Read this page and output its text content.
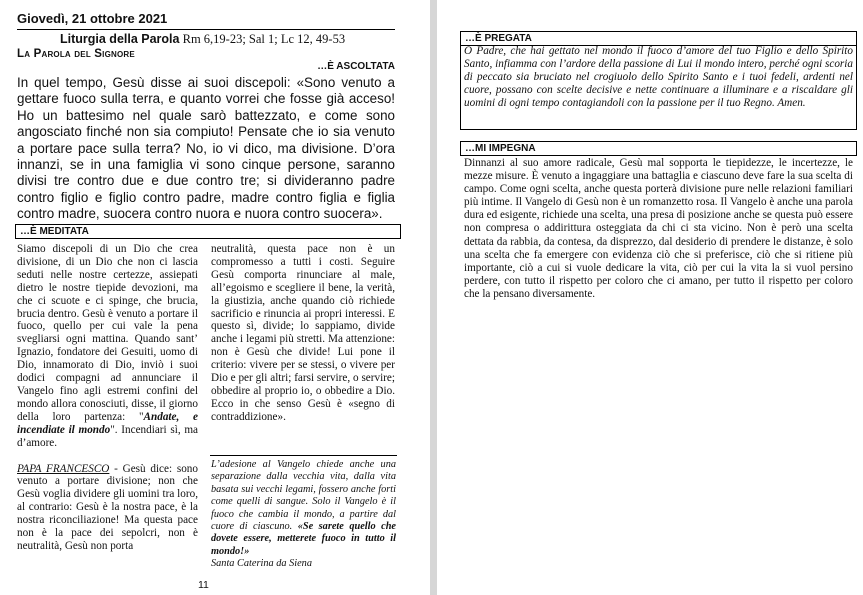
Giovedì, 21 ottobre 2021
Liturgia della Parola Rm 6,19-23; Sal 1; Lc 12, 49-53
La Parola del Signore
…È ASCOLTATA
In quel tempo, Gesù disse ai suoi discepoli: «Sono venuto a gettare fuoco sulla terra, e quanto vorrei che fosse già acceso! Ho un battesimo nel quale sarò battezzato, e come sono angosciato finché non sia compiuto! Pensate che io sia venuto a portare pace sulla terra? No, io vi dico, ma divisione. D’ora innanzi, se in una famiglia vi sono cinque persone, saranno divisi tre contro due e due contro tre; si divideranno padre contro figlio e figlio contro padre, madre contro figlia e figlia contro madre, suocera contro nuora e nuora contro suocera».
…È MEDITATA
Siamo discepoli di un Dio che crea divisione, di un Dio che non ci lascia seduti nelle nostre certezze, assiepati dietro le nostre tiepide devozioni, ma che ci scuote e ci spinge, che brucia, brucia dentro. Gesù è venuto a portare il fuoco, quello per cui vale la pena svegliarsi ogni mattina. Quando sant’ Ignazio, fondatore dei Gesuiti, uomo di Dio, innamorato di Dio, inviò i suoi dodici compagni ad annunciare il Vangelo fino agli estremi confini del mondo allora conosciuti, disse, il giorno della loro partenza: "Andate, e incendiate il mondo". Incendiari sì, ma d’amore.
PAPA FRANCESCO - Gesù dice: sono venuto a portare divisione; non che Gesù voglia dividere gli uomini tra loro, al contrario: Gesù è la nostra pace, è la nostra riconciliazione! Ma questa pace non è la pace dei sepolcri, non è neutralità, Gesù non porta
neutralità, questa pace non è un compromesso a tutti i costi. Seguire Gesù comporta rinunciare al male, all’egoismo e scegliere il bene, la verità, la giustizia, anche quando ciò richiede sacrificio e rinuncia ai propri interessi. E questo sì, divide; lo sappiamo, divide anche i legami più stretti. Ma attenzione: non è Gesù che divide! Lui pone il criterio: vivere per se stessi, o vivere per Dio e per gli altri; farsi servire, o servire; obbedire al proprio io, o obbedire a Dio. Ecco in che senso Gesù è «segno di contraddizione».
L’adesione al Vangelo chiede anche una separazione dalla vecchia vita, dalla vita basata sui vecchi legami, fossero anche forti come quelli di sangue. Solo il Vangelo è il fuoco che cambia il mondo, a partire dal cuore di ciascuno. «Se sarete quello che dovete essere, metterete fuoco in tutto il mondo!»
Santa Caterina da Siena
11
…È PREGATA
O Padre, che hai gettato nel mondo il fuoco d’amore del tuo Figlio e dello Spirito Santo, infiamma con l’ardore della passione di Lui il mondo intero, perché ogni scoria di peccato sia bruciato nel crogiuolo dello Spirito Santo e i tuoi fedeli, ardenti nel cuore, possano con scelte decisive e nette continuare a illuminare e a riscaldare gli uomini di ogni tempo contagiandoli con la passione per il tuo Regno. Amen.
…MI IMPEGNA
Dinnanzi al suo amore radicale, Gesù mal sopporta le tiepidezze, le incertezze, le mezze misure. È venuto a ingaggiare una battaglia e ciascuno deve fare la sua scelta di campo. Come ogni scelta, anche questa porterà divisione pure nelle relazioni familiari più intime. Il Vangelo di Gesù non è un romanzetto rosa. Il Vangelo è anche una parola dura ed esigente, richiede una scelta, una presa di posizione anche se questa può essere non compresa o addirittura osteggiata da chi ci sta vicino. Non è però una scelta dettata da rabbia, da contesa, da disprezzo, dal desiderio di prendere le distanze, è solo una scelta che fa emergere con evidenza ciò che si preferisce, ciò che si ritiene più importante, ciò a cui si vuole dedicare la vita, ciò per cui la vita la si vuol persino perdere, con tutto il rispetto per coloro che ci amano, per tutto il rispetto per coloro che la pensano diversamente.
